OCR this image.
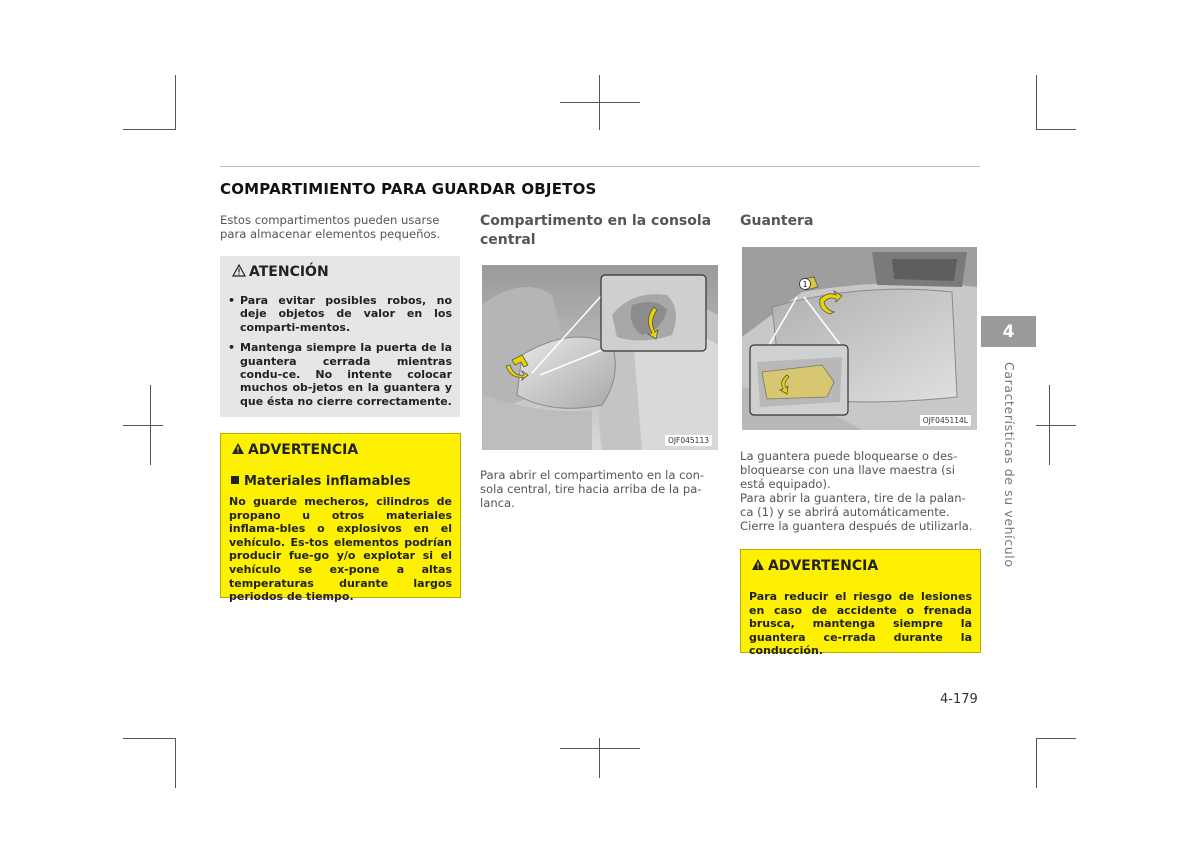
COMPARTIMIENTO PARA GUARDAR OBJETOS
Estos compartimentos pueden usarse
para almacenar elementos pequeños.
ATENCIÓN
• Para evitar posibles robos, no deje objetos de valor en los comparti-mentos.
• Mantenga siempre la puerta de la guantera cerrada mientras condu-ce. No intente colocar muchos ob-jetos en la guantera y que ésta no cierre correctamente.
ADVERTENCIA
Materiales inflamables
No guarde mecheros, cilindros de propano u otros materiales inflama-bles o explosivos en el vehículo. Es-tos elementos podrían producir fue-go y/o explotar si el vehículo se ex-pone a altas temperaturas durante largos periodos de tiempo.
Compartimento en la consola
central
OJF045113
Para abrir el compartimento en la con-
sola central, tire hacia arriba de la pa-
lanca.
Guantera
1
OJF045114L
La guantera puede bloquearse o des-
bloquearse con una llave maestra (si
está equipado).
Para abrir la guantera, tire de la palan-
ca (1) y se abrirá automáticamente.
Cierre la guantera después de utilizarla.
ADVERTENCIA
Para reducir el riesgo de lesiones en caso de accidente o frenada brusca, mantenga siempre la guantera ce-rrada durante la conducción.
4
Características de su vehículo
4-179
